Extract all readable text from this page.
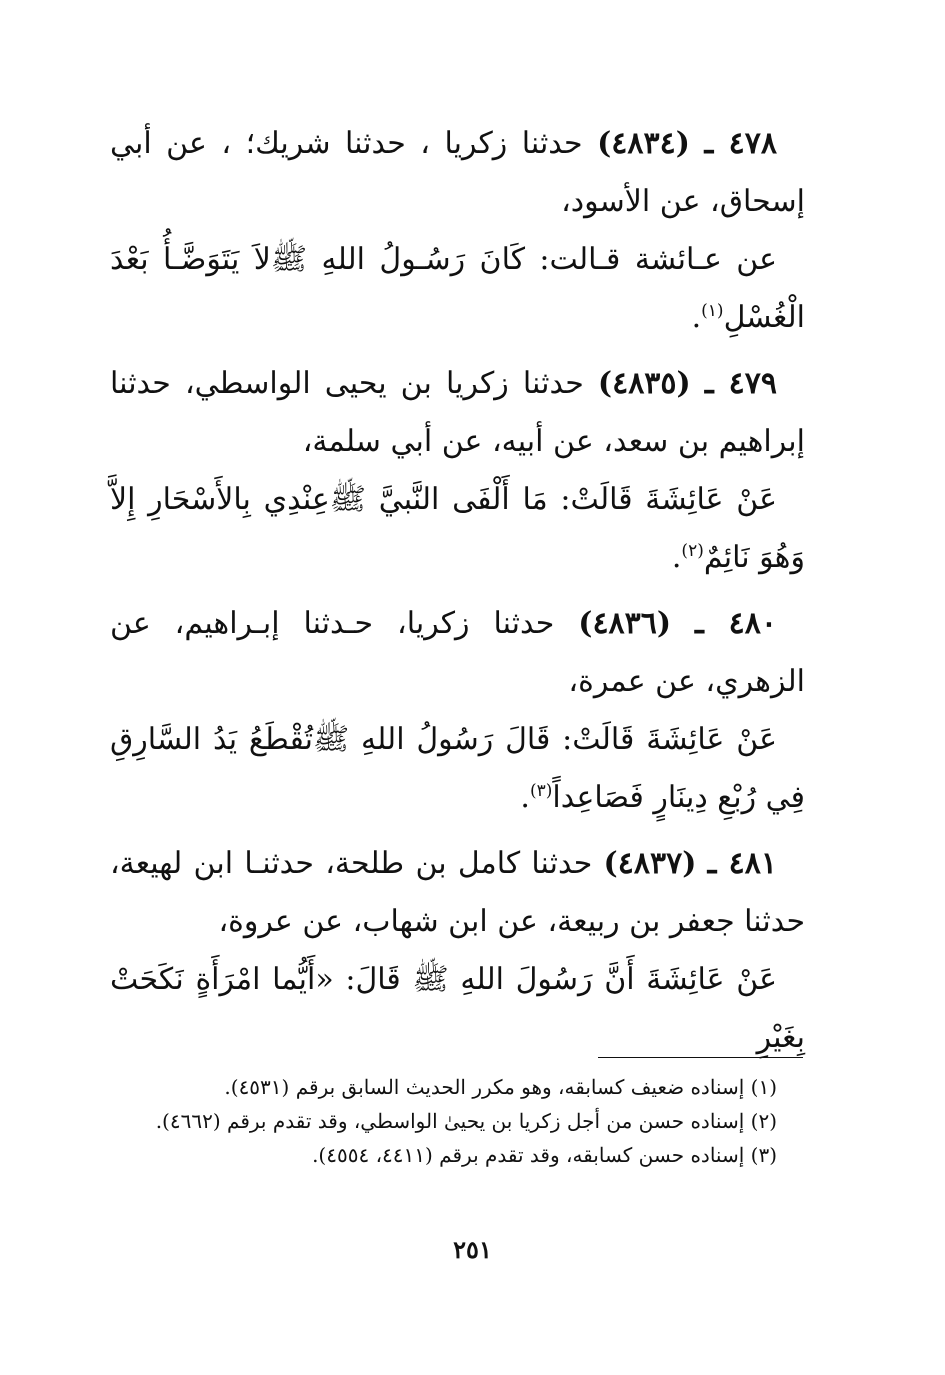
٤٧٨ ـ (٤٨٣٤) حدثنا زكريا ، حدثنا شريك؛ ، عن أبي إسحاق، عن الأسود،

عن عـائشة قـالت: كَانَ رَسُـولُ اللهِ ﷺلاَ يَتَوَضَّـأُ بَعْدَ الْغُسْلِ$^{(١)}$.

٤٧٩ ـ (٤٨٣٥) حدثنا زكريا بن يحيى الواسطي، حدثنا إبراهيم بن سعد، عن أبيه، عن أبي سلمة،

عَنْ عَائِشَةَ قَالَتْ: مَا أَلْفَى النَّبيَّ ﷺعِنْدِي بِالأَسْحَارِ إِلاَّ وَهُوَ نَائِمٌ$^{(٢)}$.

٤٨٠ ـ (٤٨٣٦) حدثنا زكريا، حـدثنا إبـراهيم، عن الزهري، عن عمرة،

عَنْ عَائِشَةَ قَالَتْ: قَالَ رَسُولُ اللهِ ﷺتُقْطَعُ يَدُ السَّارِقِ فِي رُبْعِ دِينَارٍ فَصَاعِداً$^{(٣)}$.

٤٨١ ـ (٤٨٣٧) حدثنا كامل بن طلحة، حدثنـا ابن لهيعة، حدثنا جعفر بن ربيعة، عن ابن شهاب، عن عروة،

عَنْ عَائِشَةَ أَنَّ رَسُولَ اللهِ ﷺ قَالَ: «أَيُّما امْرَأَةٍ نَكَحَتْ بِغَيْرِ

(١) إسناده ضعيف كسابقه، وهو مكرر الحديث السابق برقم (٤٥٣١).

(٢) إسناده حسن من أجل زكريا بن يحيىٰ الواسطي، وقد تقدم برقم (٤٦٦٢).

(٣) إسناده حسن كسابقه، وقد تقدم برقم (٤٤١١، ٤٥٥٤).

٢٥١
